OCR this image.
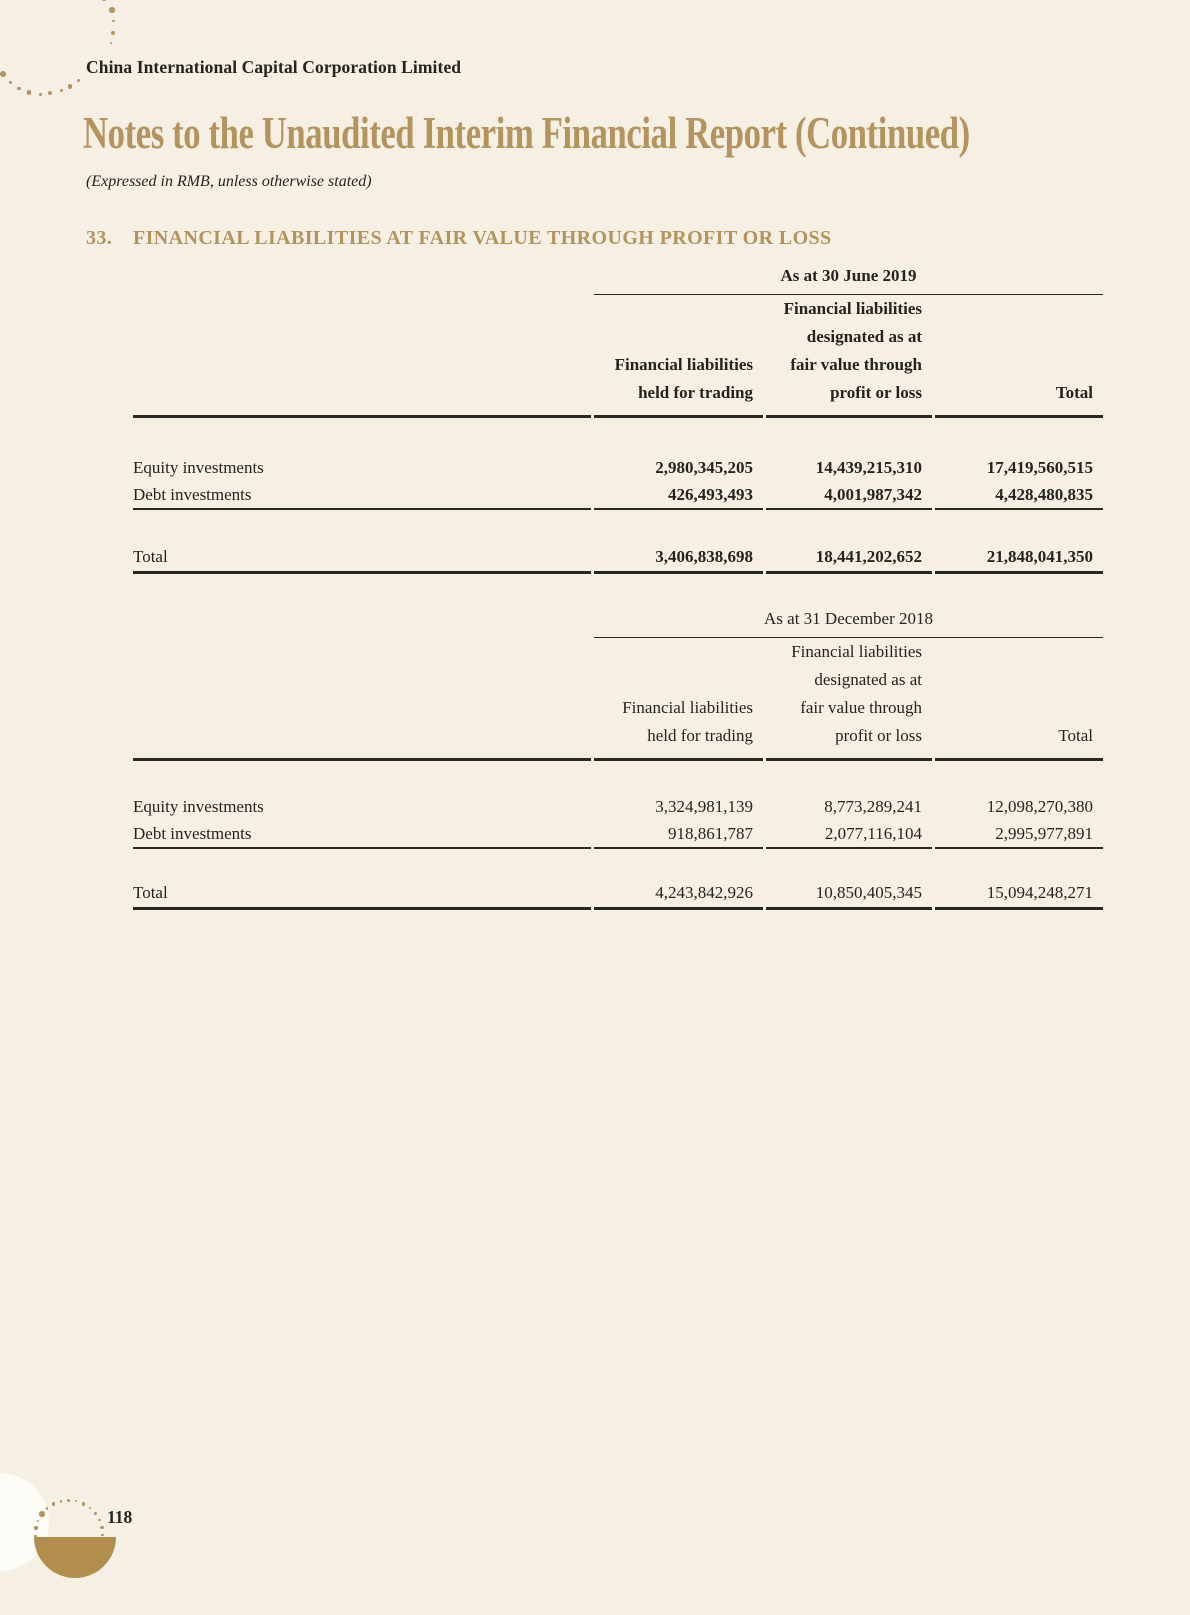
China International Capital Corporation Limited
Notes to the Unaudited Interim Financial Report (Continued)
(Expressed in RMB, unless otherwise stated)
33. FINANCIAL LIABILITIES AT FAIR VALUE THROUGH PROFIT OR LOSS
	As at 30 June 2019		

Financial liabilities
held for trading

Financial liabilities
designated as at
fair value through
profit or loss	Total

Equity investments	2,980,345,205	14,439,215,310	17,419,560,515
Debt investments	426,493,493	4,001,987,342	4,428,480,835

Total	3,406,838,698	18,441,202,652	21,848,041,350
	As at 31 December 2018		

Financial liabilities
held for trading

Financial liabilities
designated as at
fair value through
profit or loss	Total

Equity investments	3,324,981,139	8,773,289,241	12,098,270,380
Debt investments	918,861,787	2,077,116,104	2,995,977,891

Total	4,243,842,926	10,850,405,345	15,094,248,271
118
